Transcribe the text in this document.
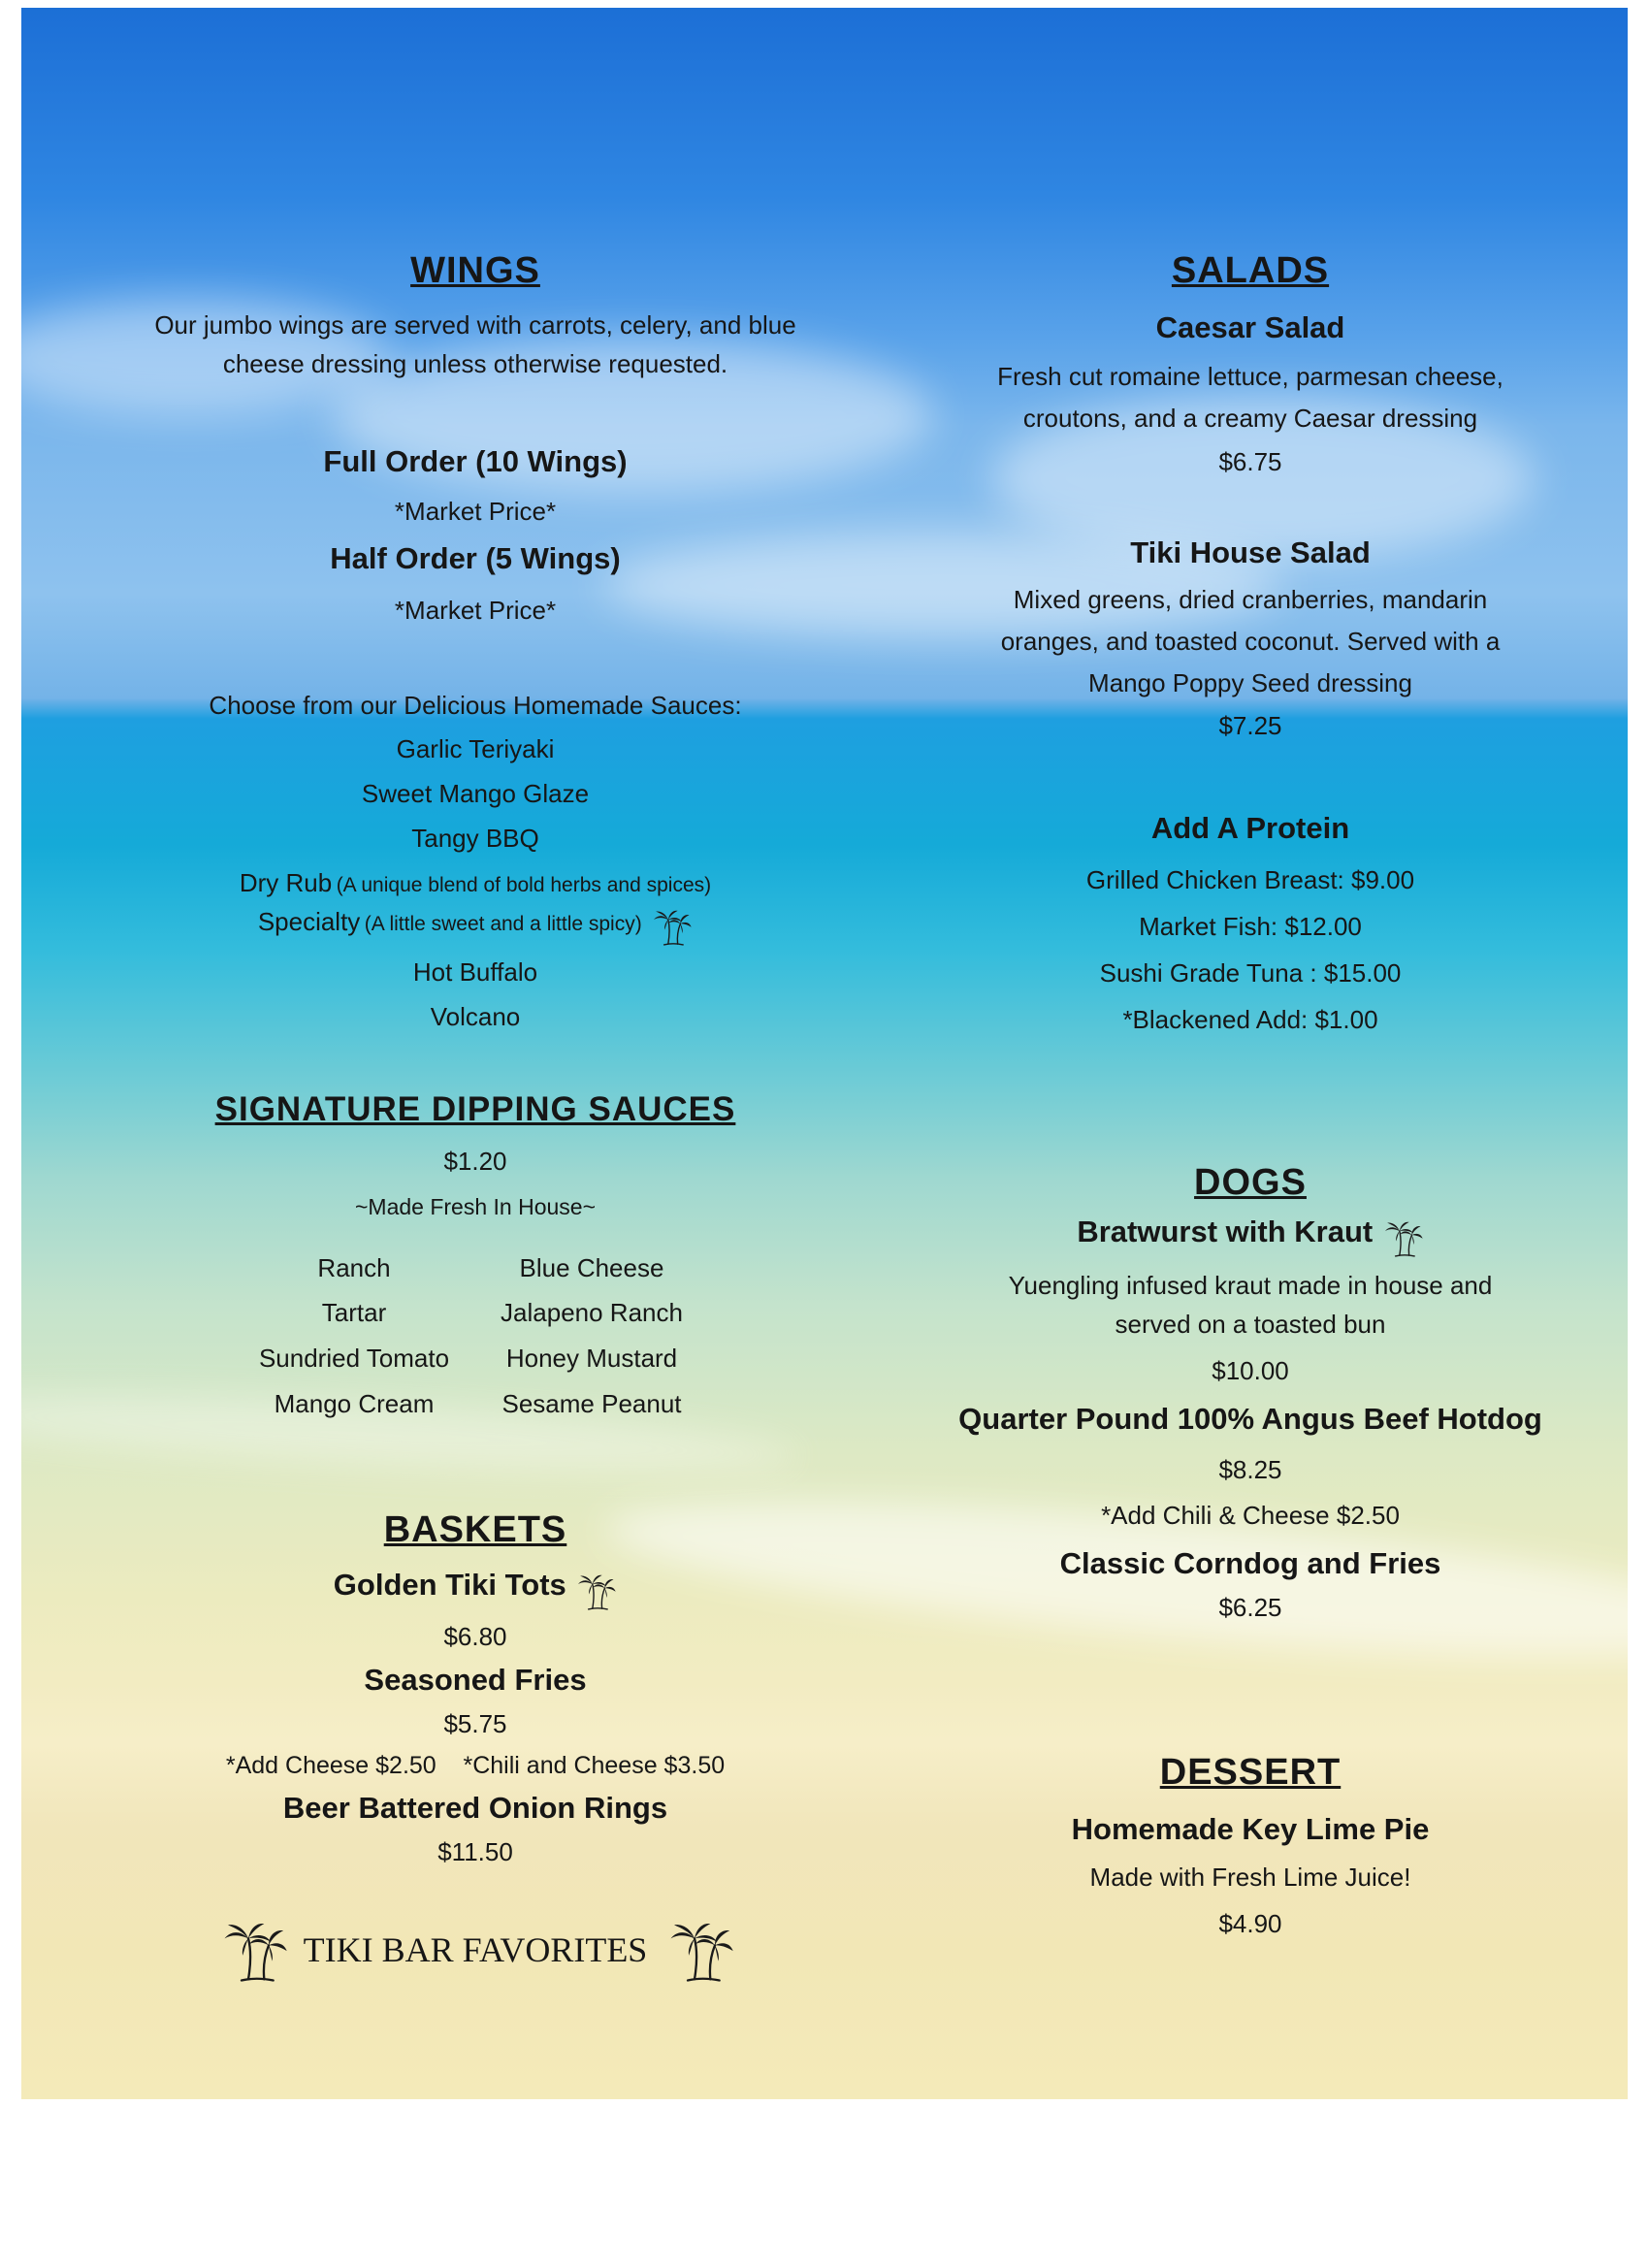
WINGS
Our jumbo wings are served with carrots, celery, and blue
cheese dressing unless otherwise requested.
Full Order (10 Wings)
*Market Price*
Half Order (5 Wings)
*Market Price*
Choose from our Delicious Homemade Sauces:
Garlic Teriyaki
Sweet Mango Glaze
Tangy BBQ
Dry Rub (A unique blend of bold herbs and spices)
Specialty (A little sweet and a little spicy)
Hot Buffalo
Volcano
SIGNATURE DIPPING SAUCES
$1.20
~Made Fresh In House~
Ranch
Tartar
Sundried Tomato
Mango Cream
Blue Cheese
Jalapeno Ranch
Honey Mustard
Sesame Peanut
BASKETS
Golden Tiki Tots
$6.80
Seasoned Fries
$5.75
*Add Cheese $2.50    *Chili and Cheese $3.50
Beer Battered Onion Rings
$11.50
TIKI BAR FAVORITES
SALADS
Caesar Salad
Fresh cut romaine lettuce, parmesan cheese,
croutons, and a creamy Caesar dressing
$6.75
Tiki House Salad
Mixed greens, dried cranberries, mandarin
oranges, and toasted coconut. Served with a
Mango Poppy Seed dressing
$7.25
Add A Protein
Grilled Chicken Breast: $9.00
Market Fish: $12.00
Sushi Grade Tuna : $15.00
*Blackened Add: $1.00
DOGS
Bratwurst with Kraut
Yuengling infused kraut made in house and
served on a toasted bun
$10.00
Quarter Pound 100% Angus Beef Hotdog
$8.25
*Add Chili & Cheese $2.50
Classic Corndog and Fries
$6.25
DESSERT
Homemade Key Lime Pie
Made with Fresh Lime Juice!
$4.90
